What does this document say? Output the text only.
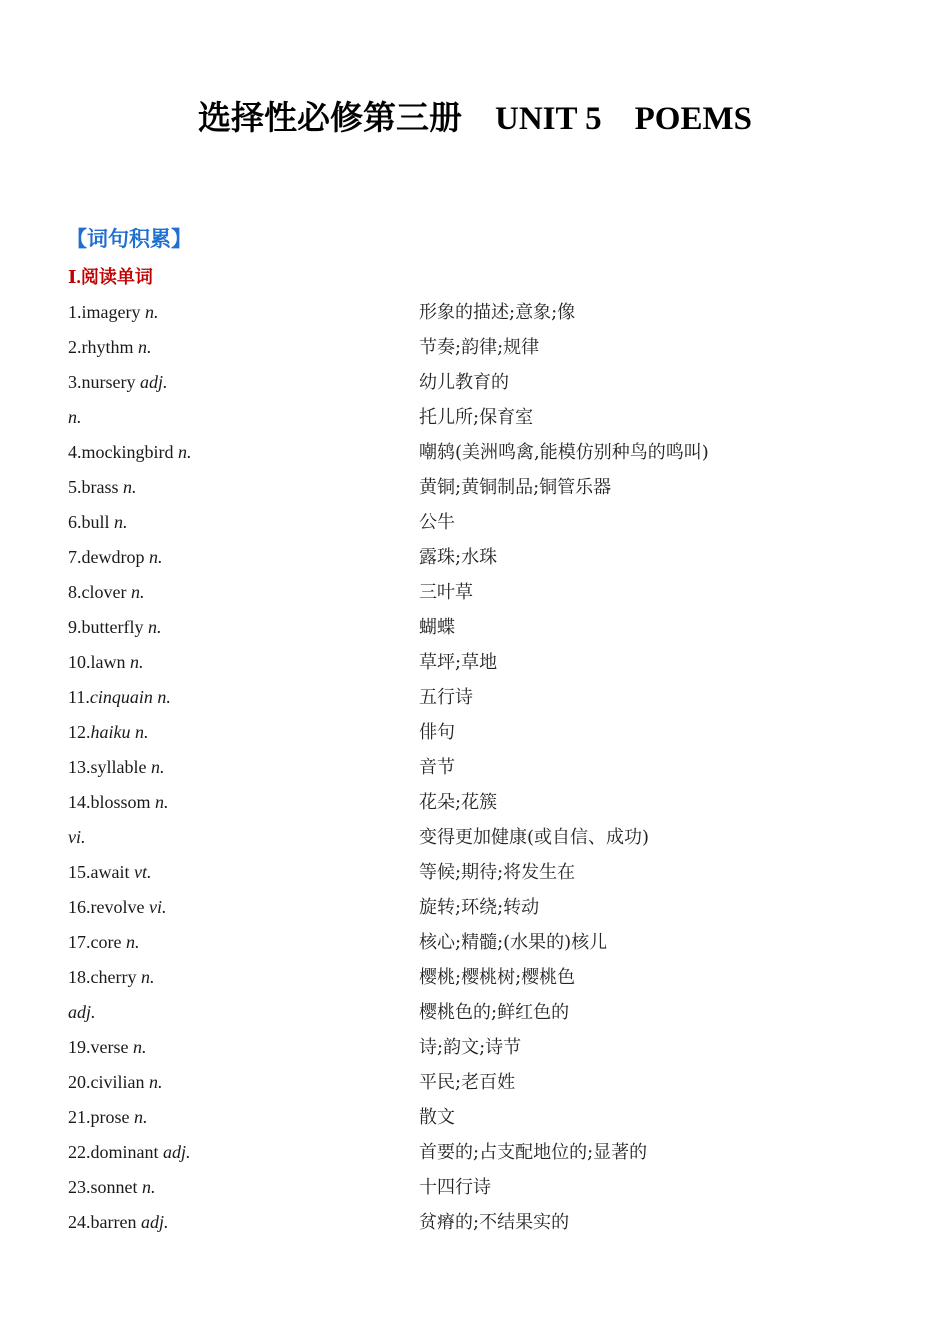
选择性必修第三册    UNIT 5    POEMS
【词句积累】
Ⅰ.阅读单词
1.imagery n.	形象的描述;意象;像
2.rhythm n.	节奏;韵律;规律
3.nursery adj.	幼儿教育的
n.	托儿所;保育室
4.mockingbird n.	嘲鸫(美洲鸣禽,能模仿别种鸟的鸣叫)
5.brass n.	黄铜;黄铜制品;铜管乐器
6.bull n.	公牛
7.dewdrop n.	露珠;水珠
8.clover n.	三叶草
9.butterfly n.	蝴蝶
10.lawn n.	草坪;草地
11.cinquain n.	五行诗
12.haiku n.	俳句
13.syllable n.	音节
14.blossom n.	花朵;花簇
vi.	变得更加健康(或自信、成功)
15.await vt.	等候;期待;将发生在
16.revolve vi.	旋转;环绕;转动
17.core n.	核心;精髓;(水果的)核儿
18.cherry n.	樱桃;樱桃树;樱桃色
adj.	樱桃色的;鲜红色的
19.verse n.	诗;韵文;诗节
20.civilian n.	平民;老百姓
21.prose n.	散文
22.dominant adj.	首要的;占支配地位的;显著的
23.sonnet n.	十四行诗
24.barren adj.	贫瘠的;不结果实的
